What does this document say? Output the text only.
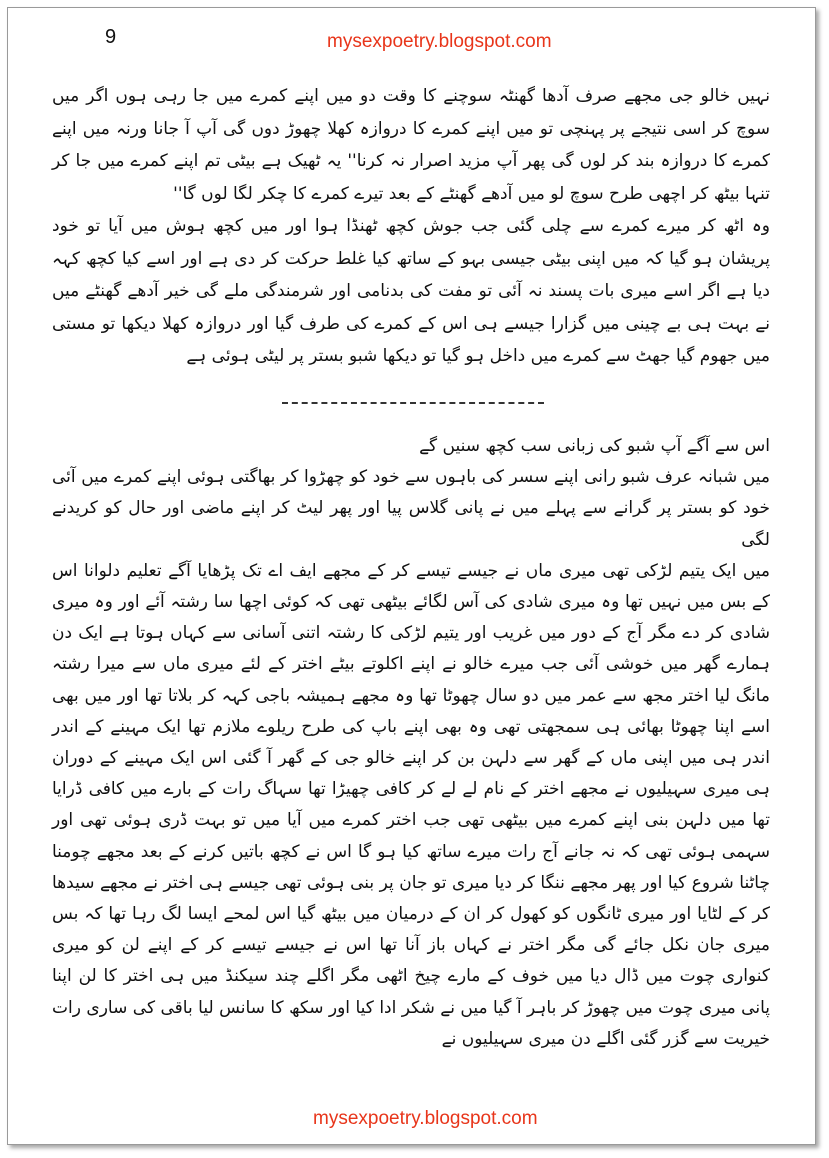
9	mysexpoetry.blogspot.com

نہیں خالو جی مجھے صرف آدھا گھنٹہ سوچنے کا وقت دو میں اپنے کمرے میں جا رہی ہوں اگر میں سوچ کر اسی نتیجے پر پہنچی تو میں اپنے کمرے کا دروازہ کھلا چھوڑ دوں گی آپ آ جانا ورنہ میں اپنے کمرے کا دروازہ بند کر لوں گی پھر آپ مزید اصرار نہ کرنا'' یہ ٹھیک ہے بیٹی تم اپنے کمرے میں جا کر تنہا بیٹھ کر اچھی طرح سوچ لو میں آدھے گھنٹے کے بعد تیرے کمرے کا چکر لگا لوں گا''

وہ اٹھ کر میرے کمرے سے چلی گئی جب جوش کچھ ٹھنڈا ہوا اور میں کچھ ہوش میں آیا تو خود پریشان ہو گیا کہ میں اپنی بیٹی جیسی بہو کے ساتھ کیا غلط حرکت کر دی ہے اور اسے کیا کچھ کہہ دیا ہے اگر اسے میری بات پسند نہ آئی تو مفت کی بدنامی اور شرمندگی ملے گی خیر آدھے گھنٹے میں نے بہت ہی بے چینی میں گزارا جیسے ہی اس کے کمرے کی طرف گیا اور دروازہ کھلا دیکھا تو مستی میں جھوم گیا جھٹ سے کمرے میں داخل ہو گیا تو دیکھا شبو بستر پر لیٹی ہوئی ہے

اس سے آگے آپ شبو کی زبانی سب کچھ سنیں گے

میں شبانہ عرف شبو رانی اپنے سسر کی باہوں سے خود کو چھڑوا کر بھاگتی ہوئی اپنے کمرے میں آئی خود کو بستر پر گرانے سے پہلے میں نے پانی گلاس پیا اور پھر لیٹ کر اپنے ماضی اور حال کو کریدنے لگی

میں ایک یتیم لڑکی تھی میری ماں نے جیسے تیسے کر کے مجھے ایف اے تک پڑھایا آگے تعلیم دلوانا اس کے بس میں نہیں تھا وہ میری شادی کی آس لگائے بیٹھی تھی کہ کوئی اچھا سا رشتہ آئے اور وہ میری شادی کر دے مگر آج کے دور میں غریب اور یتیم لڑکی کا رشتہ اتنی آسانی سے کہاں ہوتا ہے ایک دن ہمارے گھر میں خوشی آئی جب میرے خالو نے اپنے اکلوتے بیٹے اختر کے لئے میری ماں سے میرا رشتہ مانگ لیا اختر مجھ سے عمر میں دو سال چھوٹا تھا وہ مجھے ہمیشہ باجی کہہ کر بلاتا تھا اور میں بھی اسے اپنا چھوٹا بھائی ہی سمجھتی تھی وہ بھی اپنے باپ کی طرح ریلوے ملازم تھا ایک مہینے کے اندر اندر ہی میں اپنی ماں کے گھر سے دلہن بن کر اپنے خالو جی کے گھر آ گئی اس ایک مہینے کے دوران ہی میری سہیلیوں نے مجھے اختر کے نام لے لے کر کافی چھیڑا تھا سہاگ رات کے بارے میں کافی ڈرایا تھا میں دلہن بنی اپنے کمرے میں بیٹھی تھی جب اختر کمرے میں آیا میں تو بہت ڈری ہوئی تھی اور سہمی ہوئی تھی کہ نہ جانے آج رات میرے ساتھ کیا ہو گا اس نے کچھ باتیں کرنے کے بعد مجھے چومنا چاٹنا شروع کیا اور پھر مجھے ننگا کر دیا میری تو جان پر بنی ہوئی تھی جیسے ہی اختر نے مجھے سیدھا کر کے لٹایا اور میری ٹانگوں کو کھول کر ان کے درمیان میں بیٹھ گیا اس لمحے ایسا لگ رہا تھا کہ بس میری جان نکل جائے گی مگر اختر نے کہاں باز آنا تھا اس نے جیسے تیسے کر کے اپنے لن کو میری کنواری چوت میں ڈال دیا میں خوف کے مارے چیخ اٹھی مگر اگلے چند سیکنڈ میں ہی اختر کا لن اپنا پانی میری چوت میں چھوڑ کر باہر آ گیا میں نے شکر ادا کیا اور سکھ کا سانس لیا باقی کی ساری رات خیریت سے گزر گئی اگلے دن میری سہیلیوں نے

mysexpoetry.blogspot.com
